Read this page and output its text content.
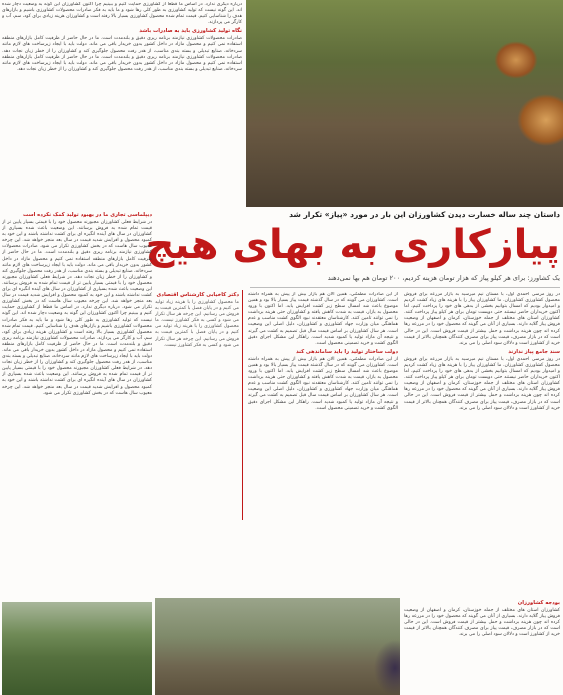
درباره دیگری ندارد. در اساس ما قطعا از کشاورزی حمایت کنیم و ببینیم چرا اکنون کشاورزان این گونه به وضعیت دچار شده اند. این گونه نیست که تولید کشاورزی به طور کلی رها شود و ما باید به فکر صادرات محصولات کشاورزی باشیم و بازارهای هدف را شناسایی کنیم. قیمت تمام شده محصول کشاورزی بسیار بالا رفته است و کشاورزان هزینه زیادی برای کود، سم، آب و کارگر می پردازند.
نگاه تولید کشاورزی باید به صادرات باشد
صادرات محصولات کشاورزی نیازمند برنامه ریزی دقیق و بلندمدت است. ما در حال حاضر از ظرفیت کامل بازارهای منطقه استفاده نمی کنیم و محصول مازاد در داخل کشور بدون خریدار باقی می ماند. دولت باید با ایجاد زیرساخت های لازم مانند سردخانه، صنایع تبدیلی و بسته بندی مناسب، از هدر رفت محصول جلوگیری کند و کشاورزان را از خطر زیان نجات دهد. صادرات محصولات کشاورزی نیازمند برنامه ریزی دقیق و بلندمدت است. ما در حال حاضر از ظرفیت کامل بازارهای منطقه استفاده نمی کنیم و محصول مازاد در داخل کشور بدون خریدار باقی می ماند. دولت باید با ایجاد زیرساخت های لازم مانند سردخانه، صنایع تبدیلی و بسته بندی مناسب، از هدر رفت محصول جلوگیری کند و کشاورزان را از خطر زیان نجات دهد.
داستان چند ساله خسارت دیدن کشاورزان این بار در مورد «پیاز» تکرار شد
پیازکاری به بهای هیچ
یک کشاورز: برای هر کیلو پیاز که هزار تومان هزینه کردیم، ۲۰۰ تومان هم بها نمی‌دهند
دیپلماسی تجاری ما در بهبود تولید کمک نکرده است
در شرایط فعلی کشاورزان مجبورند محصول خود را با قیمتی بسیار پایین تر از قیمت تمام شده به فروش برسانند. این وضعیت باعث شده بسیاری از کشاورزان در سال های آینده انگیزه ای برای کشت نداشته باشند و این خود به کمبود محصول و افزایش شدید قیمت در سال بعد منجر خواهد شد. این چرخه معیوب سال هاست که در بخش کشاورزی تکرار می شود. صادرات محصولات کشاورزی نیازمند برنامه ریزی دقیق و بلندمدت است. ما در حال حاضر از ظرفیت کامل بازارهای منطقه استفاده نمی کنیم و محصول مازاد در داخل کشور بدون خریدار باقی می ماند. دولت باید با ایجاد زیرساخت های لازم مانند سردخانه، صنایع تبدیلی و بسته بندی مناسب، از هدر رفت محصول جلوگیری کند و کشاورزان را از خطر زیان نجات دهد. در شرایط فعلی کشاورزان مجبورند محصول خود را با قیمتی بسیار پایین تر از قیمت تمام شده به فروش برسانند. این وضعیت باعث شده بسیاری از کشاورزان در سال های آینده انگیزه ای برای کشت نداشته باشند و این خود به کمبود محصول و افزایش شدید قیمت در سال بعد منجر خواهد شد. این چرخه معیوب سال هاست که در بخش کشاورزی تکرار می شود. درباره دیگری ندارد. در اساس ما قطعا از کشاورزی حمایت کنیم و ببینیم چرا اکنون کشاورزان این گونه به وضعیت دچار شده اند. این گونه نیست که تولید کشاورزی به طور کلی رها شود و ما باید به فکر صادرات محصولات کشاورزی باشیم و بازارهای هدف را شناسایی کنیم. قیمت تمام شده محصول کشاورزی بسیار بالا رفته است و کشاورزان هزینه زیادی برای کود، سم، آب و کارگر می پردازند. صادرات محصولات کشاورزی نیازمند برنامه ریزی دقیق و بلندمدت است. ما در حال حاضر از ظرفیت کامل بازارهای منطقه استفاده نمی کنیم و محصول مازاد در داخل کشور بدون خریدار باقی می ماند. دولت باید با ایجاد زیرساخت های لازم مانند سردخانه، صنایع تبدیلی و بسته بندی مناسب، از هدر رفت محصول جلوگیری کند و کشاورزان را از خطر زیان نجات دهد. در شرایط فعلی کشاورزان مجبورند محصول خود را با قیمتی بسیار پایین تر از قیمت تمام شده به فروش برسانند. این وضعیت باعث شده بسیاری از کشاورزان در سال های آینده انگیزه ای برای کشت نداشته باشند و این خود به کمبود محصول و افزایش شدید قیمت در سال بعد منجر خواهد شد. این چرخه معیوب سال هاست که در بخش کشاورزی تکرار می شود.
دکتر کاخیابی کارشناس اقتصادی
ما محصول کشاورزی را با هزینه زیاد تولید می کنیم و در پایان فصل با کمترین قیمت به فروش می رسانیم. این چرخه هر سال تکرار می شود و کسی به فکر کشاورز نیست. ما محصول کشاورزی را با هزینه زیاد تولید می کنیم و در پایان فصل با کمترین قیمت به فروش می رسانیم. این چرخه هر سال تکرار می شود و کسی به فکر کشاورز نیست.
از این صادرات مطمئنی، همین الان هم بازار بیش از پیش به همراه داشته است. کشاورزان می گویند که در سال گذشته قیمت پیاز بسیار بالا بود و همین موضوع باعث شد امسال سطح زیر کشت افزایش یابد. اما اکنون با ورود محصول به بازار، قیمت به شدت کاهش یافته و کشاورزان حتی هزینه برداشت را نمی توانند تامین کنند. کارشناسان معتقدند نبود الگوی کشت مناسب و عدم هماهنگی میان وزارت جهاد کشاورزی و کشاورزان، دلیل اصلی این وضعیت است. هر سال کشاورزان بر اساس قیمت سال قبل تصمیم به کشت می گیرند و نتیجه آن مازاد تولید یا کمبود شدید است. راهکار این مشکل اجرای دقیق الگوی کشت و خرید تضمینی محصول است.
دولت ساختار تولید را باید ساماندهی کند
از این صادرات مطمئنی، همین الان هم بازار بیش از پیش به همراه داشته است. کشاورزان می گویند که در سال گذشته قیمت پیاز بسیار بالا بود و همین موضوع باعث شد امسال سطح زیر کشت افزایش یابد. اما اکنون با ورود محصول به بازار، قیمت به شدت کاهش یافته و کشاورزان حتی هزینه برداشت را نمی توانند تامین کنند. کارشناسان معتقدند نبود الگوی کشت مناسب و عدم هماهنگی میان وزارت جهاد کشاورزی و کشاورزان، دلیل اصلی این وضعیت است. هر سال کشاورزان بر اساس قیمت سال قبل تصمیم به کشت می گیرند و نتیجه آن مازاد تولید یا کمبود شدید است. راهکار این مشکل اجرای دقیق الگوی کشت و خرید تضمینی محصول است.
در روز مرسی احمدی اول، با مستان نیم میرسید به بازار مزرعه برای فروش محصول کشاورزی کشاورزان. ما کشاورزان پیاز را با هزینه های زیاد کشت کردیم و امیدوار بودیم که امسال بتوانیم بخشی از بدهی های خود را پرداخت کنیم، اما اکنون خریداران حاضر نیستند حتی دویست تومان برای هر کیلو پیاز پرداخت کنند. کشاورزان استان های مختلف از جمله خوزستان، کرمان و اصفهان از وضعیت فروش پیاز گلایه دارند. بسیاری از آنان می گویند که محصول خود را در مزرعه رها کرده اند چون هزینه برداشت و حمل بیشتر از قیمت فروش است. این در حالی است که در بازار مصرف، قیمت پیاز برای مصرف کنندگان همچنان بالاتر از قیمت خرید از کشاورز است و دلالان سود اصلی را می برند.
سند جامع پیاز ندارند
در روز مرسی احمدی اول، با مستان نیم میرسید به بازار مزرعه برای فروش محصول کشاورزی کشاورزان. ما کشاورزان پیاز را با هزینه های زیاد کشت کردیم و امیدوار بودیم که امسال بتوانیم بخشی از بدهی های خود را پرداخت کنیم، اما اکنون خریداران حاضر نیستند حتی دویست تومان برای هر کیلو پیاز پرداخت کنند. کشاورزان استان های مختلف از جمله خوزستان، کرمان و اصفهان از وضعیت فروش پیاز گلایه دارند. بسیاری از آنان می گویند که محصول خود را در مزرعه رها کرده اند چون هزینه برداشت و حمل بیشتر از قیمت فروش است. این در حالی است که در بازار مصرف، قیمت پیاز برای مصرف کنندگان همچنان بالاتر از قیمت خرید از کشاورز است و دلالان سود اصلی را می برند.
بودجه کشاورزان
کشاورزان استان های مختلف از جمله خوزستان، کرمان و اصفهان از وضعیت فروش پیاز گلایه دارند. بسیاری از آنان می گویند که محصول خود را در مزرعه رها کرده اند چون هزینه برداشت و حمل بیشتر از قیمت فروش است. این در حالی است که در بازار مصرف، قیمت پیاز برای مصرف کنندگان همچنان بالاتر از قیمت خرید از کشاورز است و دلالان سود اصلی را می برند.
